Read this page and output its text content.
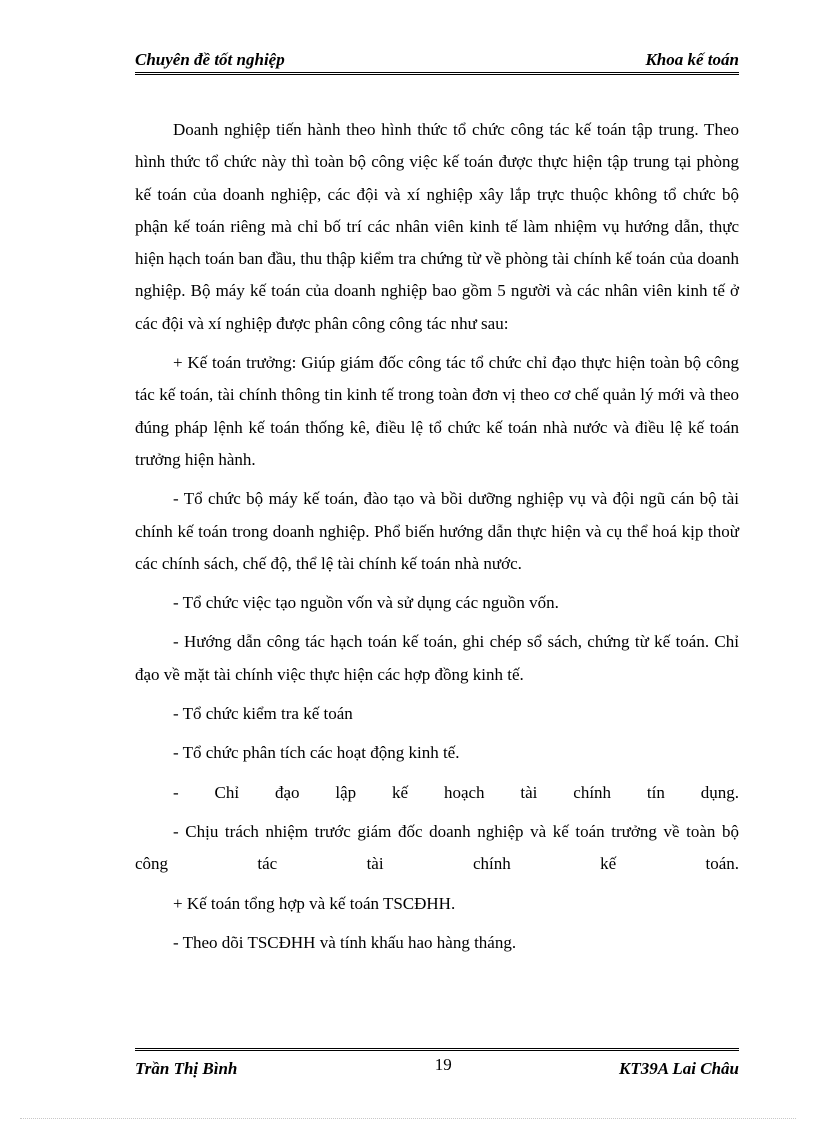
Chuyên đề tốt nghiệp	Khoa kế toán

Doanh nghiệp tiến hành theo hình thức tổ chức công tác kế toán tập trung. Theo hình thức tổ chức này thì toàn bộ công việc kế toán được thực hiện tập trung tại phòng kế toán của doanh nghiệp, các đội và xí nghiệp xây lắp trực thuộc không tổ chức bộ phận kế toán riêng mà chỉ bố trí các nhân viên kinh tế làm nhiệm vụ hướng dẫn, thực hiện hạch toán ban đầu, thu thập kiểm tra chứng từ về phòng tài chính kế toán của doanh nghiệp. Bộ máy kế toán của doanh nghiệp bao gồm 5 người và các nhân viên kinh tế ở các đội và xí nghiệp được phân công công tác như sau:

+ Kế toán trưởng: Giúp giám đốc công tác tổ chức chỉ đạo thực hiện toàn bộ công tác kế toán, tài chính thông tin kinh tế trong toàn đơn vị theo cơ chế quản lý mới và theo đúng pháp lệnh kế toán thống kê, điều lệ tổ chức kế toán nhà nước và điều lệ kế toán trưởng hiện hành.

- Tổ chức bộ máy kế toán, đào tạo và bồi dưỡng nghiệp vụ và đội ngũ cán bộ tài chính kế toán trong doanh nghiệp. Phổ biến hướng dẫn thực hiện và cụ thể hoá kịp thoừ các chính sách, chế độ, thể lệ tài chính kế toán nhà nước.

- Tổ chức việc tạo nguồn vốn và sử dụng các nguồn vốn.

- Hướng dẫn công tác hạch toán kế toán, ghi chép sổ sách, chứng từ kế toán. Chỉ đạo về mặt tài chính việc thực hiện các hợp đồng kinh tế.

- Tổ chức kiểm tra kế toán

- Tổ chức phân tích các hoạt động kinh tế.

- Chỉ đạo lập kế hoạch tài chính tín dụng.

- Chịu trách nhiệm trước giám đốc doanh nghiệp và kế toán trưởng về toàn bộ công tác tài chính kế toán.

+ Kế toán tổng hợp và kế toán TSCĐHH.

- Theo dõi TSCĐHH và tính khấu hao hàng tháng.

Trần Thị Bình	19	KT39A Lai Châu
